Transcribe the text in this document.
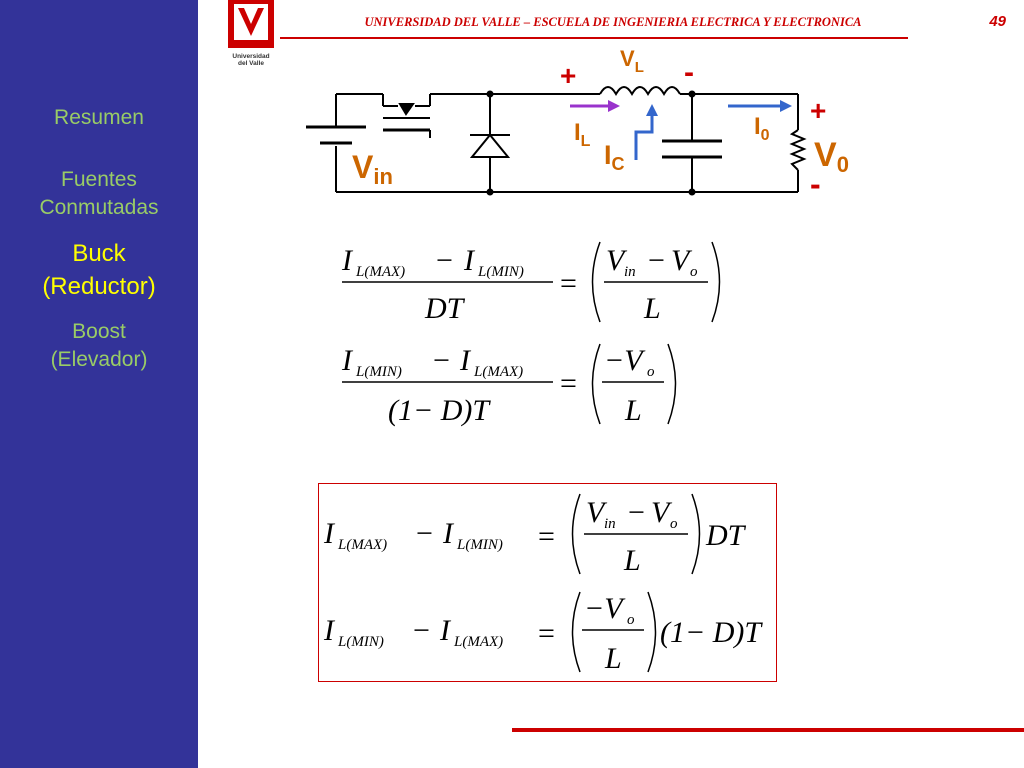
Resumen
Fuentes
Conmutadas
Buck
(Reductor)
Boost
(Elevador)
Universidad
del Valle
UNIVERSIDAD DEL VALLE – ESCUELA DE INGENIERIA ELECTRICA Y ELECTRONICA	49
$V_L$
+	-
$I_L$ $I_C$
$I_0$
+
V0
-
Vin
I L(MAX) − I L(MIN)
DT
=
V in − V o
L
I L(MIN) − I L(MAX)
(1− D)T
=
−V o
L
I L(MAX) − I L(MIN) =
V in − V o
L
DT
I L(MIN) − I L(MAX) =
−V o
L
(1− D)T
